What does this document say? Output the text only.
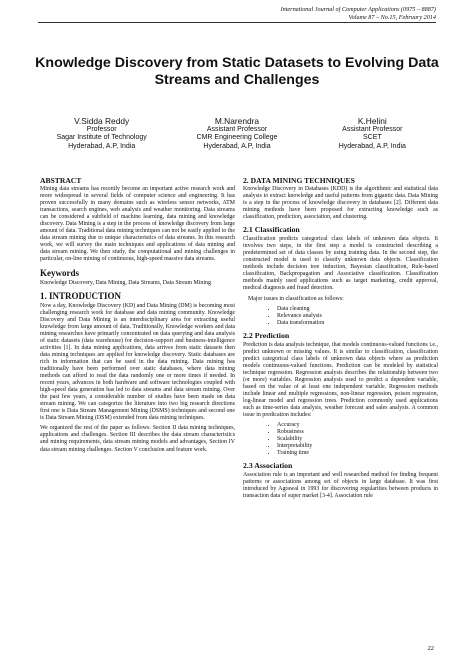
International Journal of Computer Applications (0975 – 8887)
Volume 87 – No.15, February 2014
Knowledge Discovery from Static Datasets to Evolving Data Streams and Challenges
V.Sidda Reddy
Professor
Sagar Institute of Technology
Hyderabad, A.P, India
M.Narendra
Assistant Professor
CMR Engineering College
Hyderabad, A.P, India
K.Helini
Assistant Professor
SCET
Hyderabad, A.P, India
ABSTRACT

Mining data streams has recently become an important active research work and more widespread in several fields of computer science and engineering. It has proven successfully in many domains such as wireless sensor networks, ATM transactions, search engines, web analysis and weather monitoring. Data streams can be considered a subfield of machine learning, data mining and knowledge discovery. Data Mining is a step in the process of knowledge discovery from large amount of data. Traditional data mining techniques can not be easily applied to the data stream mining due to unique characteristics of data streams. In this research work, we will survey the main techniques and applications of data mining and data stream mining. We then study, the computational and mining challenges in particular, on-line mining of continuous, high-speed massive data streams.

Keywords

Knowledge Discovery, Data Mining, Data Streams, Data Stream Mining

1. INTRODUCTION

Now a day, Knowledge Discovery (KD) and Data Mining (DM) is becoming most challenging research work for database and data mining community. Knowledge Discovery and Data Mining is an interdisciplinary area for extracting useful knowledge from large amount of data. Traditionally, Knowledge workers and data mining researches have primarily concentrated on data querying and data analysis of static datasets (data warehouse) for decision-support and business-intelligence activities [1]. In data mining applications, data arrives from static datasets then data mining techniques are applied for knowledge discovery. Static databases are rich in information that can be used in the data mining. Data mining has traditionally have been performed over static databases, where data mining methods can afford to read the data randomly one or more times if needed. In recent years, advances in both hardware and software technologies coupled with high-speed data generation has led to data streams and data stream mining. Over the past few years, a considerable number of studies have been made on data stream mining. We can categorize the literature into two big research directions first one is Data Stream Management Mining (DSMS) techniques and second one is Data Stream Mining (DSM) extended from data mining techniques.

We organized the rest of the paper as follows: Section II data mining techniques, applications and challenges. Section III describes the data stream characteristics and mining requirements, data stream mining models and advantages, Section IV data stream mining challenges. Section V conclusion and feature work.

2. DATA MINING TECHNIQUES

Knowledge Discovery in Databases (KDD) is the algorithmic and statistical data analysis to extract knowledge and useful patterns from gigantic data. Data Mining is a step in the process of knowledge discovery in databases [2]. Different data mining methods have been proposed for extracting knowledge such as classification, prediction, association, and clustering.

2.1 Classification

Classification predicts categorical class labels of unknown data objects. It involves two steps, in the first step a model is constructed describing a predetermined set of data classes by using training data. In the second step, the constructed model is used to classify unknown data objects. Classification methods include decision tree induction, Bayesian classification, Rule-based classification, Backpropagation and Associative classification. Classification methods mainly used applications such as target marketing, credit approval, medical diagnosis and fraud detection.

Major issues in classification as follows:

• Data cleaning
• Relevance analysis
• Data transformation
2.2 Prediction

Prediction is data analysis technique, that models continuous-valued functions i.e., predict unknown or missing values. It is similar to classification, classification predict categorical class labels of unknown data objects where as prediction models continuous-valued functions. Prediction can be modeled by statistical technique regression. Regression analysis describes the relationship between two (or more) variables. Regression analysis used to predict a dependent variable, based on the value of at least one independent variable. Regression methods include linear and multiple regressions, non-linear regression, poison regression, log-linear model and regression trees. Prediction commonly used applications such as time-series data analysis, weather forecast and sales analysis. A common issue in predication includes:

• Accuracy
• Robustness
• Scalability
• Interpretability
• Training time
2.3 Association

Association rule is an important and well researched method for finding frequent patterns or associations among set of objects in large database. It was first introduced by Agrawal in 1993 for discovering regularities between products in transaction data of super market [3-4]. Association rule

22
